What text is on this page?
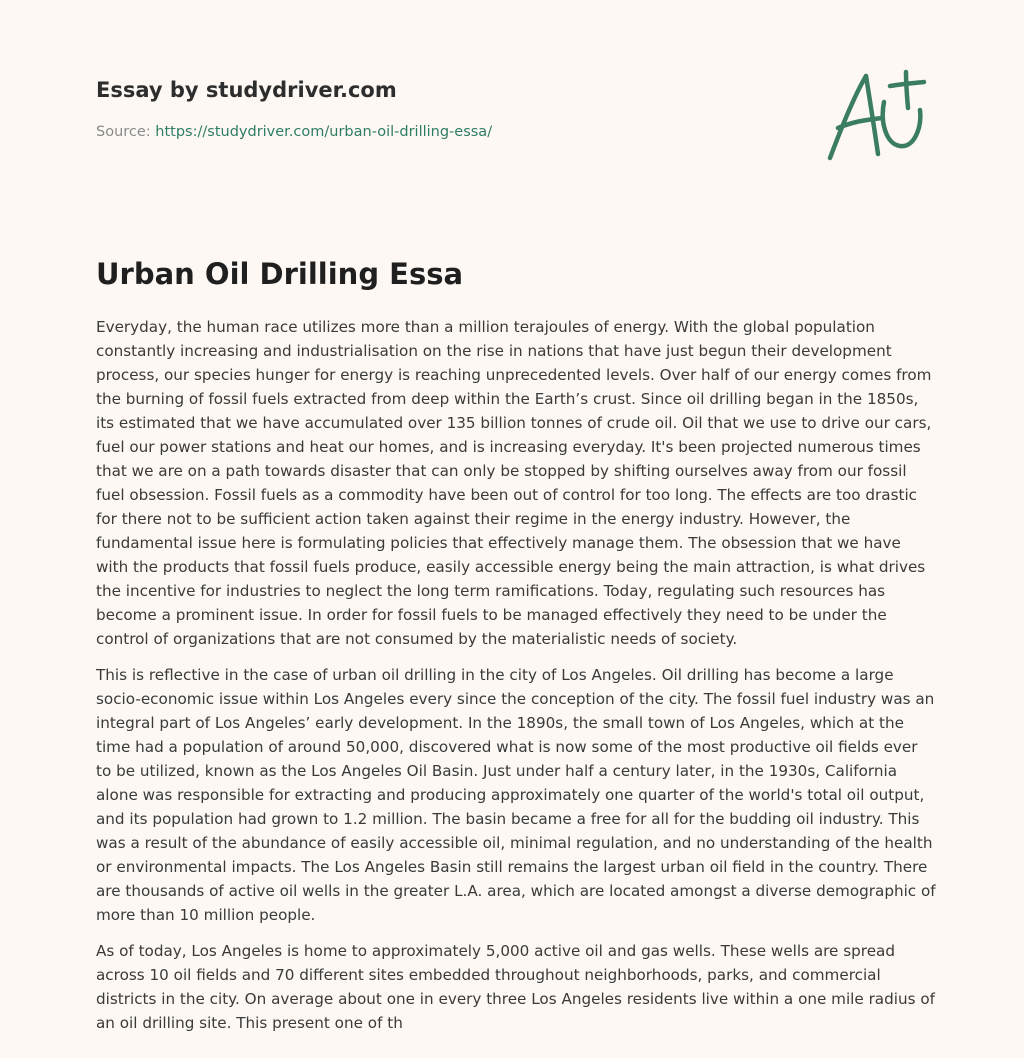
Essay by studydriver.com
Source: https://studydriver.com/urban-oil-drilling-essa/
Urban Oil Drilling Essa

Everyday, the human race utilizes more than a million terajoules of energy. With the global population constantly increasing and industrialisation on the rise in nations that have just begun their development process, our species hunger for energy is reaching unprecedented levels. Over half of our energy comes from the burning of fossil fuels extracted from deep within the Earth’s crust. Since oil drilling began in the 1850s, its estimated that we have accumulated over 135 billion tonnes of crude oil. Oil that we use to drive our cars, fuel our power stations and heat our homes, and is increasing everyday. It's been projected numerous times that we are on a path towards disaster that can only be stopped by shifting ourselves away from our fossil fuel obsession. Fossil fuels as a commodity have been out of control for too long. The effects are too drastic for there not to be sufficient action taken against their regime in the energy industry. However, the fundamental issue here is formulating policies that effectively manage them. The obsession that we have with the products that fossil fuels produce, easily accessible energy being the main attraction, is what drives the incentive for industries to neglect the long term ramifications. Today, regulating such resources has become a prominent issue. In order for fossil fuels to be managed effectively they need to be under the control of organizations that are not consumed by the materialistic needs of society.

This is reflective in the case of urban oil drilling in the city of Los Angeles. Oil drilling has become a large socio-economic issue within Los Angeles every since the conception of the city. The fossil fuel industry was an integral part of Los Angeles’ early development. In the 1890s, the small town of Los Angeles, which at the time had a population of around 50,000, discovered what is now some of the most productive oil fields ever to be utilized, known as the Los Angeles Oil Basin. Just under half a century later, in the 1930s, California alone was responsible for extracting and producing approximately one quarter of the world's total oil output, and its population had grown to 1.2 million. The basin became a free for all for the budding oil industry. This was a result of the abundance of easily accessible oil, minimal regulation, and no understanding of the health or environmental impacts. The Los Angeles Basin still remains the largest urban oil field in the country. There are thousands of active oil wells in the greater L.A. area, which are located amongst a diverse demographic of more than 10 million people.

As of today, Los Angeles is home to approximately 5,000 active oil and gas wells. These wells are spread across 10 oil fields and 70 different sites embedded throughout neighborhoods, parks, and commercial districts in the city. On average about one in every three Los Angeles residents live within a one mile radius of an oil drilling site. This present one of th
